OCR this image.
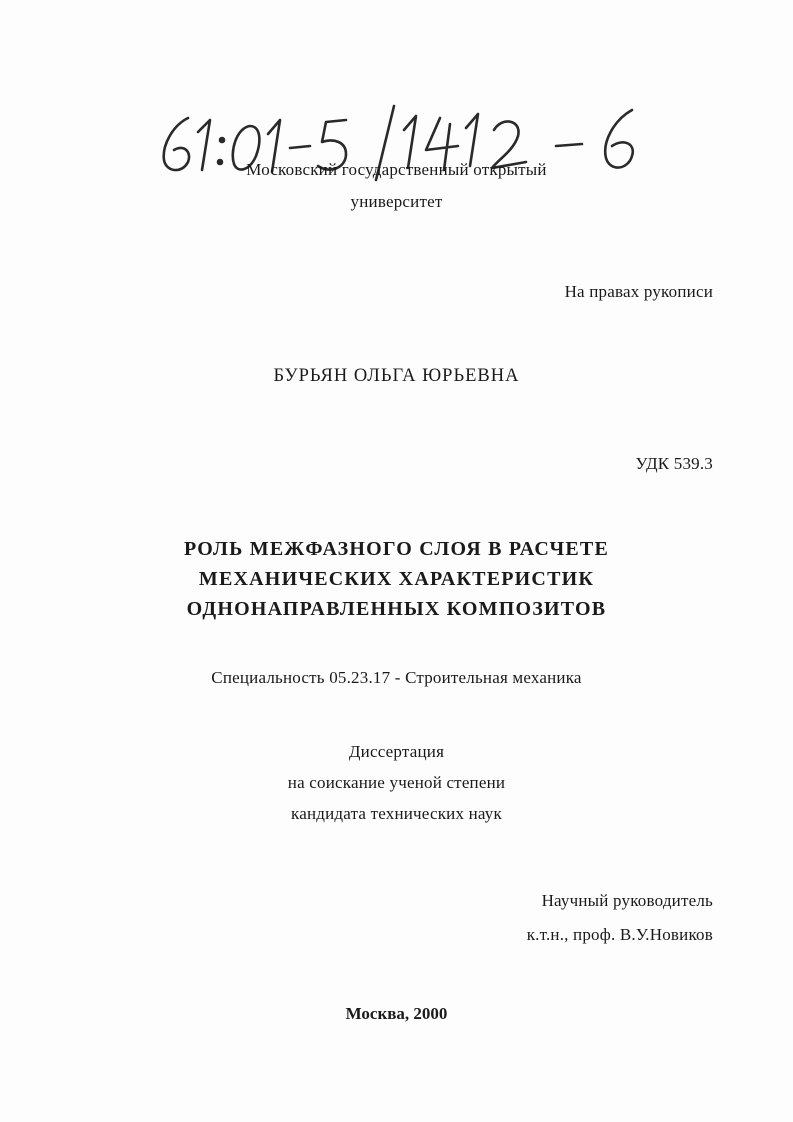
Московский государственный открытый
университет
На правах рукописи
БУРЬЯН ОЛЬГА ЮРЬЕВНА
УДК 539.3
РОЛЬ МЕЖФАЗНОГО СЛОЯ В РАСЧЕТЕ
МЕХАНИЧЕСКИХ ХАРАКТЕРИСТИК
ОДНОНАПРАВЛЕННЫХ КОМПОЗИТОВ
Специальность 05.23.17 - Строительная механика
Диссертация
на соискание ученой степени
кандидата технических наук
Научный руководитель
к.т.н., проф. В.У.Новиков
Москва, 2000
